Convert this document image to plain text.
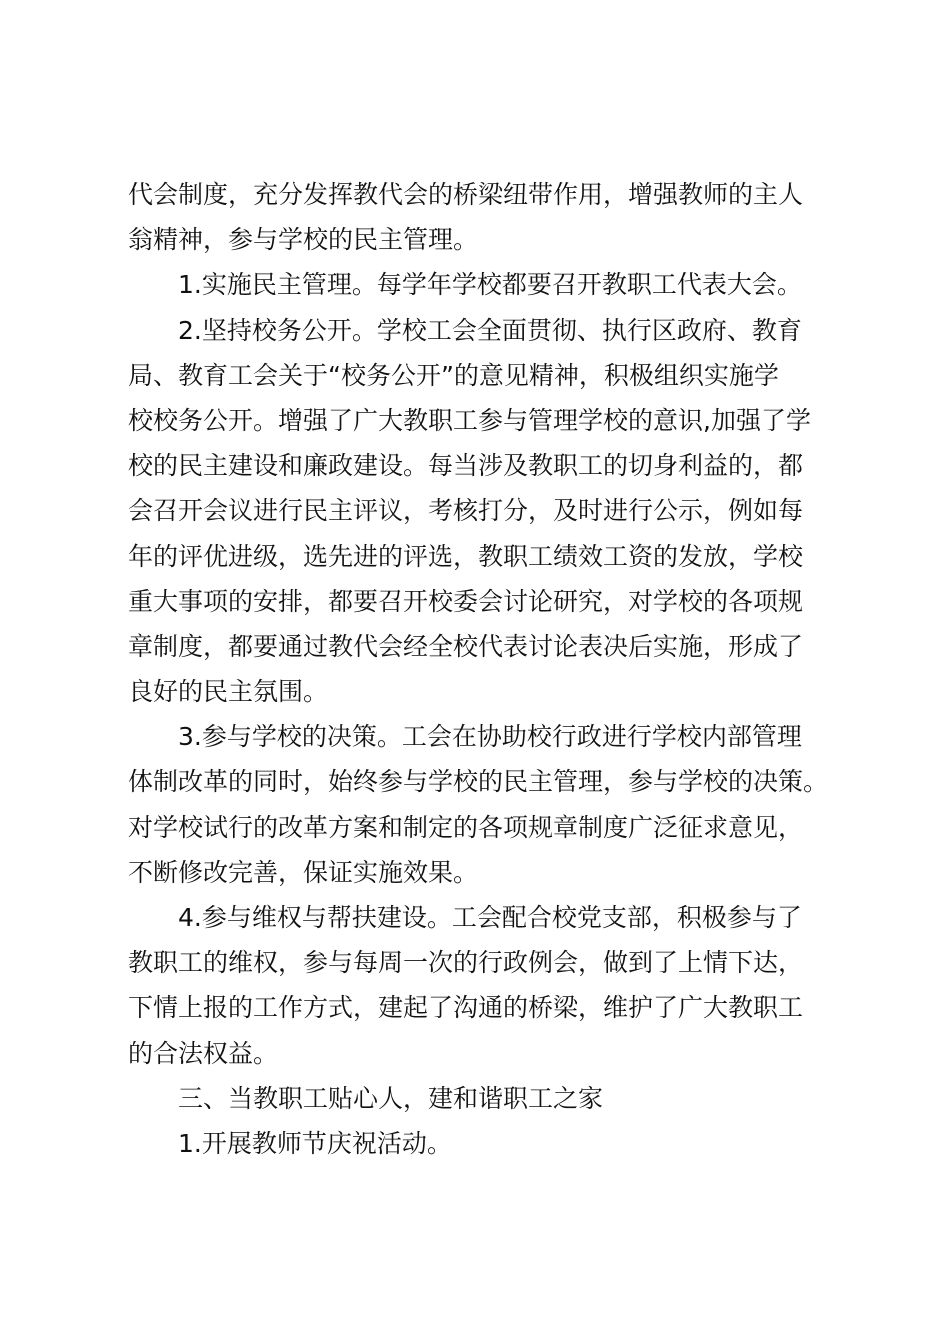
代会制度，充分发挥教代会的桥梁纽带作用，增强教师的主人
翁精神，参与学校的民主管理。
1.实施民主管理。每学年学校都要召开教职工代表大会。
2.坚持校务公开。学校工会全面贯彻、执行区政府、教育
局、教育工会关于“校务公开”的意见精神，积极组织实施学
校校务公开。增强了广大教职工参与管理学校的意识,加强了学
校的民主建设和廉政建设。每当涉及教职工的切身利益的，都
会召开会议进行民主评议，考核打分，及时进行公示，例如每
年的评优进级，选先进的评选，教职工绩效工资的发放，学校
重大事项的安排，都要召开校委会讨论研究，对学校的各项规
章制度，都要通过教代会经全校代表讨论表决后实施，形成了
良好的民主氛围。
3.参与学校的决策。工会在协助校行政进行学校内部管理
体制改革的同时，始终参与学校的民主管理，参与学校的决策。
对学校试行的改革方案和制定的各项规章制度广泛征求意见，
不断修改完善，保证实施效果。
4.参与维权与帮扶建设。工会配合校党支部，积极参与了
教职工的维权，参与每周一次的行政例会，做到了上情下达，
下情上报的工作方式，建起了沟通的桥梁，维护了广大教职工
的合法权益。
三、当教职工贴心人，建和谐职工之家
1.开展教师节庆祝活动。
